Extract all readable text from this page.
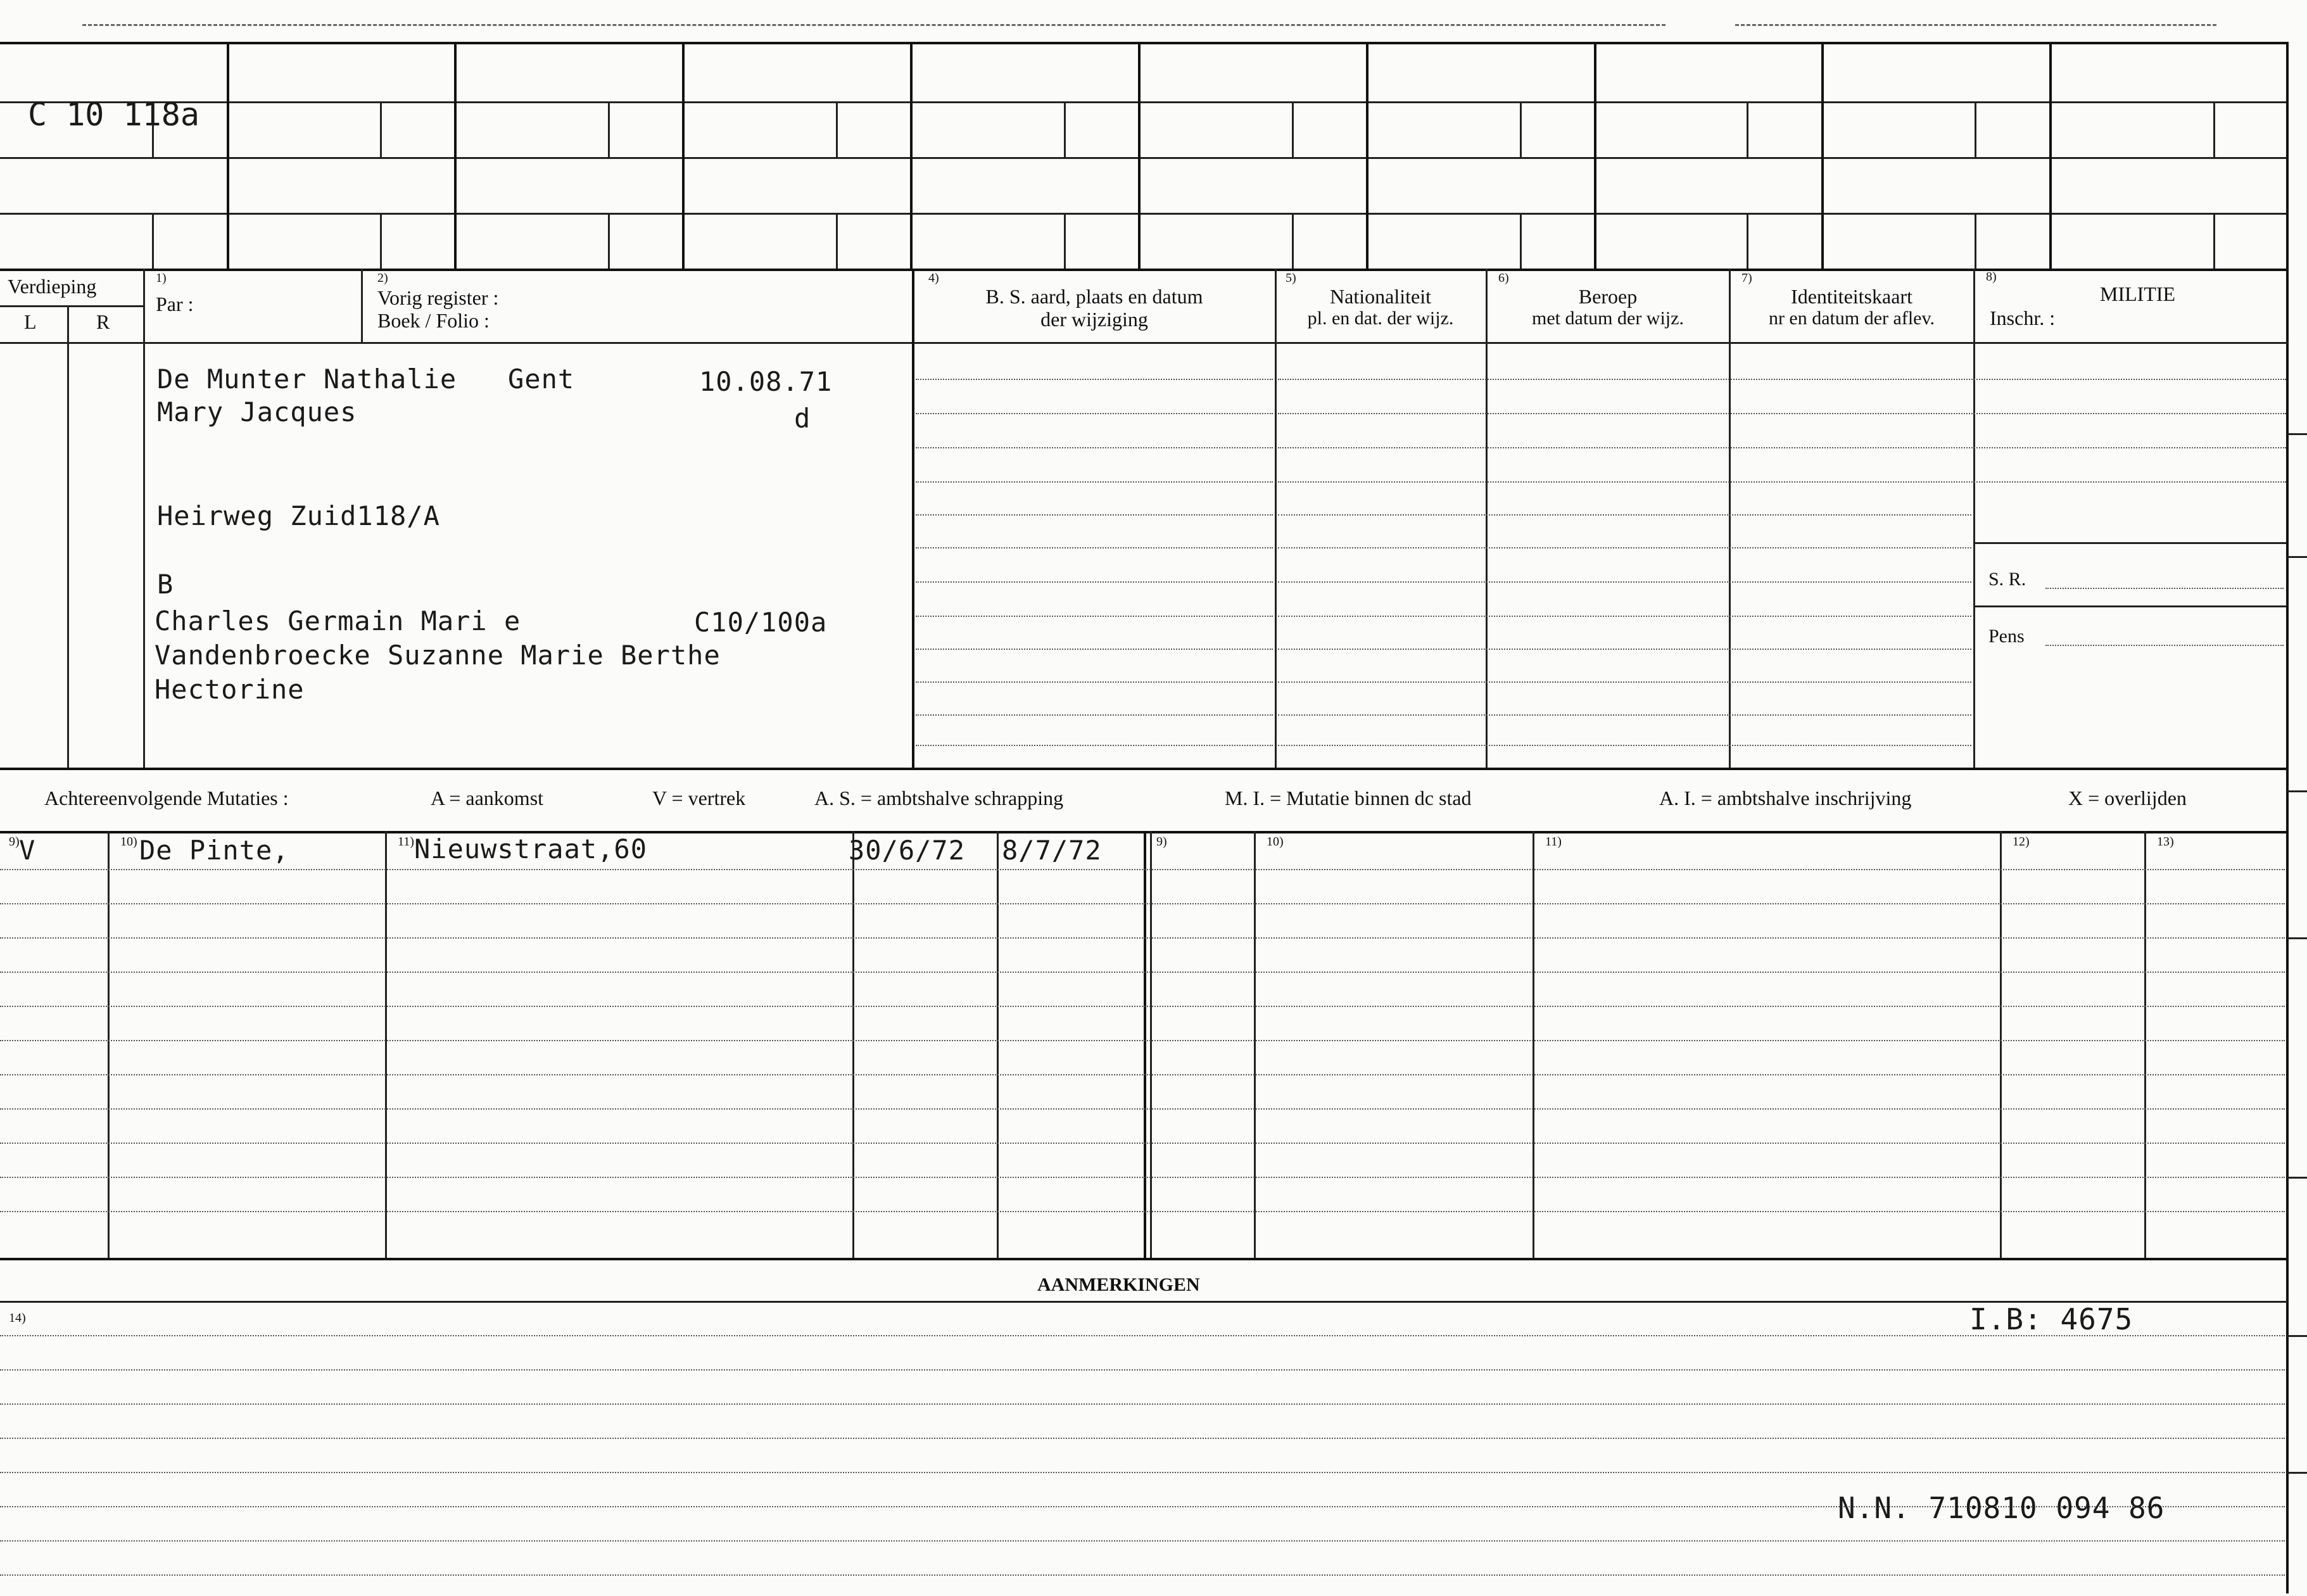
C 10 118a
Verdieping
L	R
1)
Par :
2)
Vorig register :
Boek / Folio :
4)
B. S. aard, plaats en datum
der wijziging
5)
Nationaliteit
pl. en dat. der wijz.
6)
Beroep
met datum der wijz.
7)
Identiteitskaart
nr en datum der aflev.
8)
MILITIE
Inschr. :
S. R.
Pens
De Munter Nathalie Gent	10.08.71
Mary Jacques	d
Heirweg Zuid118/A
B
Charles Germain Mari e	C10/100a
Vandenbroecke Suzanne Marie Berthe
Hectorine
Achtereenvolgende Mutaties :	A = aankomst	V = vertrek	A. S. = ambtshalve schrapping	M. I. = Mutatie binnen dc stad	A. I. = ambtshalve inschrijving	X = overlijden
9)	10)	11)	9)	10)	11)	12)	13)
V	De Pinte,	Nieuwstraat,60	30/6/72 8/7/72
AANMERKINGEN
14)	I.B: 4675
N.N. 710810 094 86
